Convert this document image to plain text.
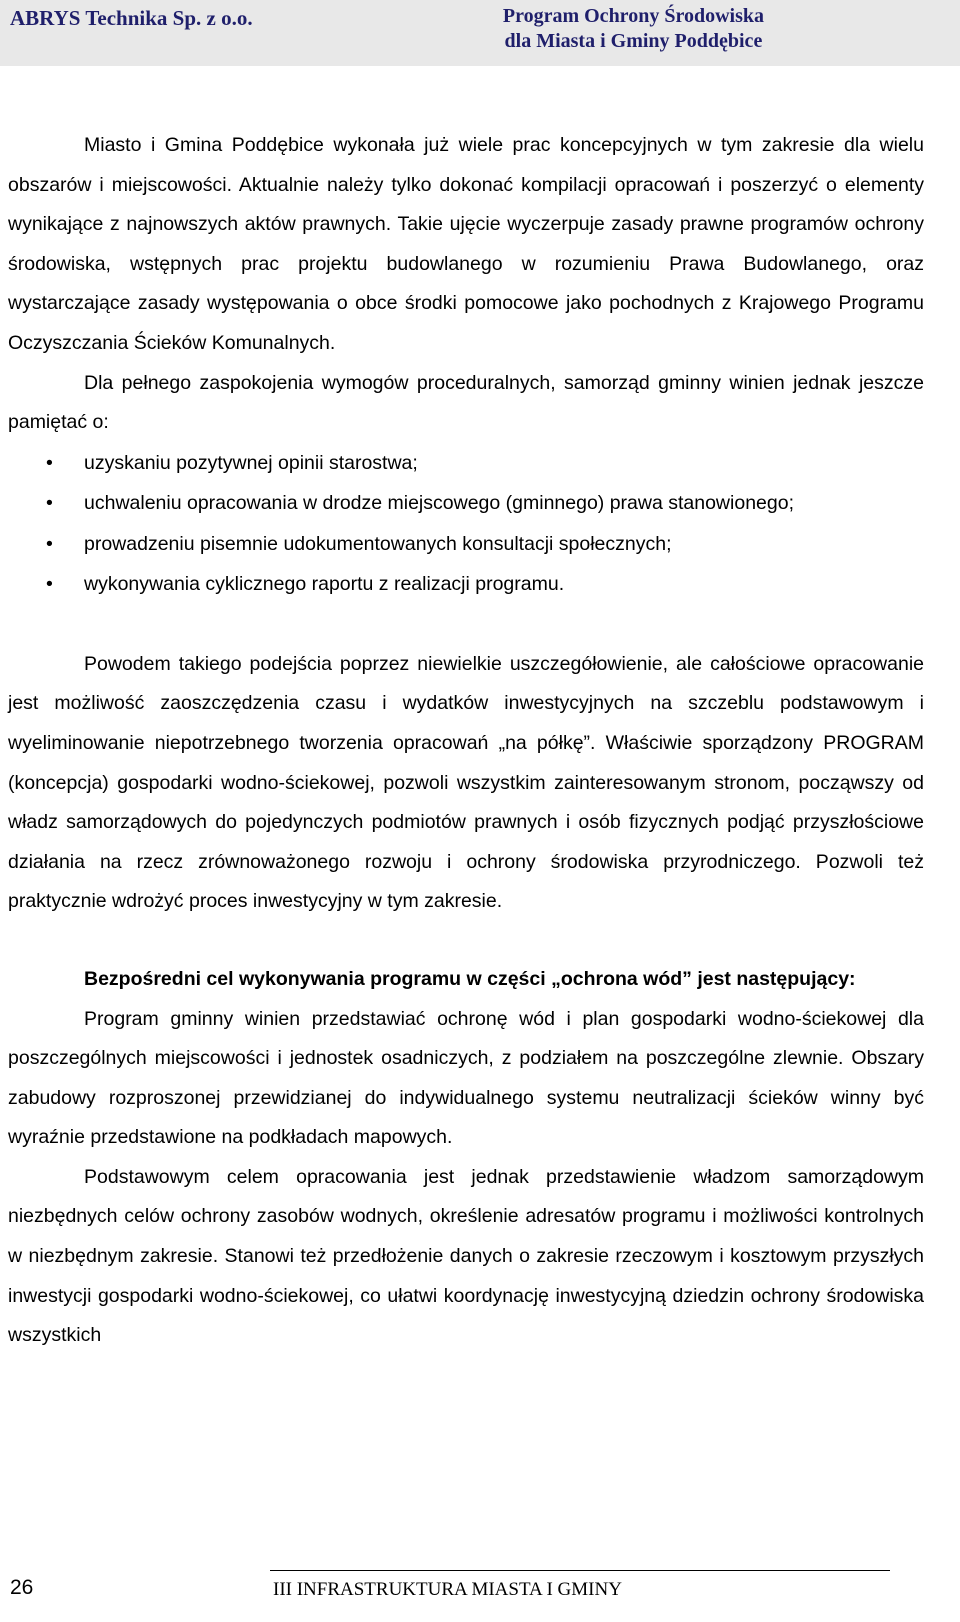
ABRYS Technika Sp. z o.o.	Program Ochrony Środowiska
dla Miasta i Gminy Poddębice

Miasto i Gmina Poddębice wykonała już wiele prac koncepcyjnych w tym zakresie dla wielu obszarów i miejscowości. Aktualnie należy tylko dokonać kompilacji opracowań i poszerzyć o elementy wynikające z najnowszych aktów prawnych. Takie ujęcie wyczerpuje zasady prawne programów ochrony środowiska, wstępnych prac projektu budowlanego w rozumieniu Prawa Budowlanego, oraz wystarczające zasady występowania o obce środki pomocowe jako pochodnych z Krajowego Programu Oczyszczania Ścieków Komunalnych.

Dla pełnego zaspokojenia wymogów proceduralnych, samorząd gminny winien jednak jeszcze pamiętać o:

• uzyskaniu pozytywnej opinii starostwa;
• uchwaleniu opracowania w drodze miejscowego (gminnego) prawa stanowionego;
• prowadzeniu pisemnie udokumentowanych konsultacji społecznych;
• wykonywania cyklicznego raportu z realizacji programu.

Powodem takiego podejścia poprzez niewielkie uszczegółowienie, ale całościowe opracowanie jest możliwość zaoszczędzenia czasu i wydatków inwestycyjnych na szczeblu podstawowym i wyeliminowanie niepotrzebnego tworzenia opracowań „na półkę”. Właściwie sporządzony PROGRAM (koncepcja) gospodarki wodno-ściekowej, pozwoli wszystkim zainteresowanym stronom, począwszy od władz samorządowych do pojedynczych podmiotów prawnych i osób fizycznych podjąć przyszłościowe działania na rzecz zrównoważonego rozwoju i ochrony środowiska przyrodniczego. Pozwoli też praktycznie wdrożyć proces inwestycyjny w tym zakresie.

Bezpośredni cel wykonywania programu w części „ochrona wód” jest następujący:

Program gminny winien przedstawiać ochronę wód i plan gospodarki wodno-ściekowej dla poszczególnych miejscowości i jednostek osadniczych, z podziałem na poszczególne zlewnie. Obszary zabudowy rozproszonej przewidzianej do indywidualnego systemu neutralizacji ścieków winny być wyraźnie przedstawione na podkładach mapowych.

Podstawowym celem opracowania jest jednak przedstawienie władzom samorządowym niezbędnych celów ochrony zasobów wodnych, określenie adresatów programu i możliwości kontrolnych w niezbędnym zakresie. Stanowi też przedłożenie danych o zakresie rzeczowym i kosztowym przyszłych inwestycji gospodarki wodno-ściekowej, co ułatwi koordynację inwestycyjną dziedzin ochrony środowiska wszystkich

26	III INFRASTRUKTURA MIASTA I GMINY
